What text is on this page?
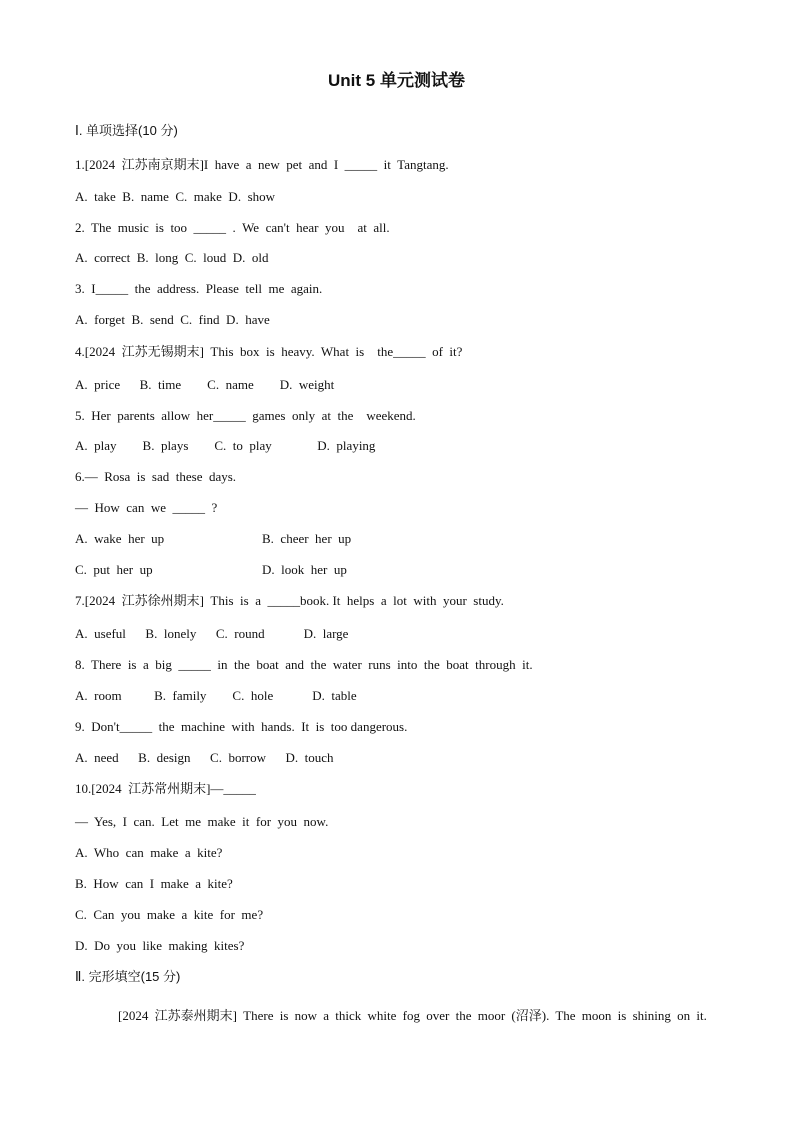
Unit 5 单元测试卷
Ⅰ. 单项选择(10 分)
1.[2024  江苏南京期末]I  have  a  new  pet  and  I  _____  it  Tangtang.
A.  take  B.  name  C.  make  D.  show
2.  The  music  is  too  _____  .  We  can't  hear  you    at  all.
A.  correct  B.  long  C.  loud  D.  old
3.  I_____  the  address.  Please  tell  me  again.
A.  forget  B.  send  C.  find  D.  have
4.[2024  江苏无锡期末]  This  box  is  heavy.  What  is    the_____  of  it?
A.  price      B.  time        C.  name        D.  weight
5.  Her  parents  allow  her_____  games  only  at  the    weekend.
A.  play        B.  plays        C.  to  play              D.  playing
6.—  Rosa  is  sad  these  days.
—  How  can  we  _____  ?
A.  wake  her  up	B.  cheer  her  up
C.  put  her  up	D.  look  her  up
7.[2024  江苏徐州期末]  This  is  a  _____book. It  helps  a  lot  with  your  study.
A.  useful      B.  lonely      C.  round            D.  large
8.  There  is  a  big  _____  in  the  boat  and  the  water  runs  into  the  boat  through  it.
A.  room          B.  family        C.  hole            D.  table
9.  Don't_____  the  machine  with  hands.  It  is  too dangerous.
A.  need      B.  design      C.  borrow      D.  touch
10.[2024  江苏常州期末]—_____
—  Yes,  I  can.  Let  me  make  it  for  you  now.
A.  Who  can  make  a  kite?
B.  How  can  I  make  a  kite?
C.  Can  you  make  a  kite  for  me?
D.  Do  you  like  making  kites?
Ⅱ. 完形填空(15 分)
[2024 江苏泰州期末] There is now a thick white fog over the moor (沼泽). The moon is shining on it.
